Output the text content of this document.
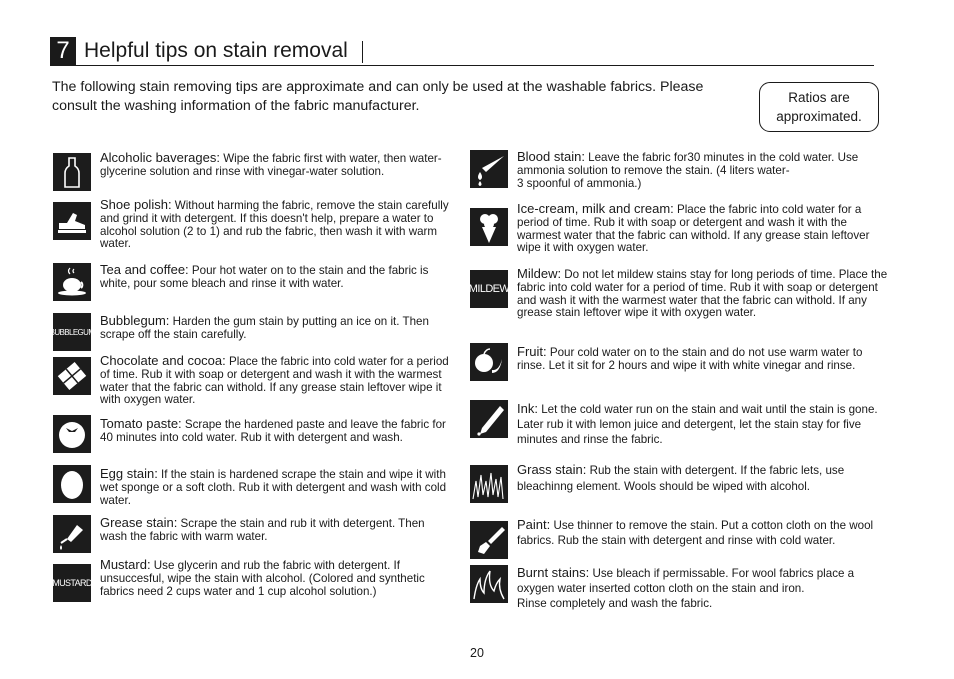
7 Helpful tips on stain removal
The following stain removing tips are approximate and can only be used at the washable fabrics. Please consult the washing information of the fabric manufacturer.
Ratios are approximated.
Alcoholic baverages: Wipe the fabric first with water, then water-glycerine solution and rinse with vinegar-water solution.
Shoe polish: Without harming the fabric, remove the stain carefully and grind it with detergent. If this doesn't help, prepare a water to alcohol solution (2 to 1) and rub the fabric, then wash it with warm water.
Tea and coffee: Pour hot water on to the stain and the fabric is white, pour some bleach and rinse it with water.
BUBBLEGUM
Bubblegum: Harden the gum stain by putting an ice on it. Then scrape off the stain carefully.
Chocolate and cocoa: Place the fabric into cold water for a period of time. Rub it with soap or detergent and wash it with the warmest water that the fabric can withold. If any grease stain leftover wipe it with oxygen water.
Tomato paste: Scrape the hardened paste and leave the fabric for 40 minutes into cold water. Rub it with detergent and wash.
Egg stain: If the stain is hardened scrape the stain and wipe it with wet sponge or a soft cloth. Rub it with detergent and wash with cold water.
Grease stain: Scrape the stain and rub it with detergent. Then wash the fabric with warm water.
MUSTARD
Mustard: Use glycerin and rub the fabric with detergent. If unsuccesful, wipe the stain with alcohol. (Colored and synthetic fabrics need 2 cups water and 1 cup alcohol solution.)
Blood stain: Leave the fabric for30 minutes in the cold water. Use ammonia solution to remove the stain. (4 liters water-
3 spoonful of ammonia.)
Ice-cream, milk and cream: Place the fabric into cold water for a period of time. Rub it with soap or detergent and wash it with the warmest water that the fabric can withold. If any grease stain leftover wipe it with oxygen water.
MILDEW
Mildew: Do not let mildew stains stay for long periods of time. Place the fabric into cold water for a period of time. Rub it with soap or detergent and wash it with the warmest water that the fabric can withold. If any grease stain leftover wipe it with oxygen water.
Fruit: Pour cold water on to the stain and do not use warm water to rinse. Let it sit for 2 hours and wipe it with white vinegar and rinse.
Ink: Let the cold water run on the stain and wait until the stain is gone. Later rub it with lemon juice and detergent, let the stain stay for five minutes and rinse the fabric.
Grass stain: Rub the stain with detergent. If the fabric lets, use bleachinng element. Wools should be wiped with alcohol.
Paint: Use thinner to remove the stain. Put a cotton cloth on the wool fabrics. Rub the stain with detergent and rinse with cold water.
Burnt stains: Use bleach if permissable. For wool fabrics place a oxygen water inserted cotton cloth on the stain and iron.
Rinse completely and wash the fabric.
20
